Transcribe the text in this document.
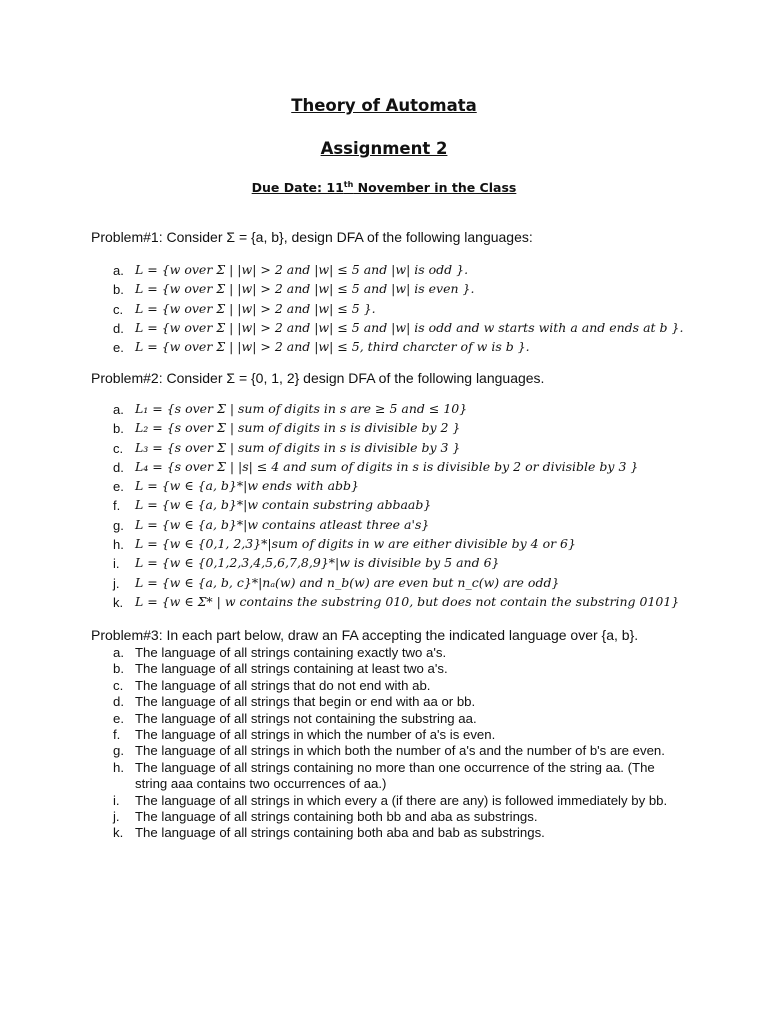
Theory of Automata
Assignment 2
Due Date: 11th November in the Class
Problem#1: Consider Σ = {a, b}, design DFA of the following languages:
a. L = {w over Σ | |w| > 2 and |w| ≤ 5 and |w| is odd }.
b. L = {w over Σ | |w| > 2 and |w| ≤ 5 and |w| is even }.
c. L = {w over Σ | |w| > 2 and |w| ≤ 5 }.
d. L = {w over Σ | |w| > 2 and |w| ≤ 5 and |w| is odd and w starts with a and ends at b }.
e. L = {w over Σ | |w| > 2 and |w| ≤ 5, third charcter of w is b }.
Problem#2: Consider Σ = {0, 1, 2} design DFA of the following languages.
a. L₁ = {s over Σ | sum of digits in s are ≥ 5 and ≤ 10}
b. L₂ = {s over Σ | sum of digits in s is divisible by 2 }
c. L₃ = {s over Σ | sum of digits in s is divisible by 3 }
d. L₄ = {s over Σ | |s| ≤ 4 and sum of digits in s is divisible by 2 or divisible by 3 }
e. L = {w ∈ {a, b}*|w ends with abb}
f. L = {w ∈ {a, b}*|w contain substring abbaab}
g. L = {w ∈ {a, b}*|w contains atleast three a's}
h. L = {w ∈ {0,1, 2,3}*|sum of digits in w are either divisible by 4 or 6}
i. L = {w ∈ {0,1,2,3,4,5,6,7,8,9}*|w is divisible by 5 and 6}
j. L = {w ∈ {a, b, c}*|nₐ(w) and n_b(w) are even but n_c(w) are odd}
k. L = {w ∈ Σ* | w contains the substring 010, but does not contain the substring 0101}
Problem#3: In each part below, draw an FA accepting the indicated language over {a, b}.
a. The language of all strings containing exactly two a's.
b. The language of all strings containing at least two a's.
c. The language of all strings that do not end with ab.
d. The language of all strings that begin or end with aa or bb.
e. The language of all strings not containing the substring aa.
f. The language of all strings in which the number of a's is even.
g. The language of all strings in which both the number of a's and the number of b's are even.
h. The language of all strings containing no more than one occurrence of the string aa. (The string aaa contains two occurrences of aa.)
i. The language of all strings in which every a (if there are any) is followed immediately by bb.
j. The language of all strings containing both bb and aba as substrings.
k. The language of all strings containing both aba and bab as substrings.
